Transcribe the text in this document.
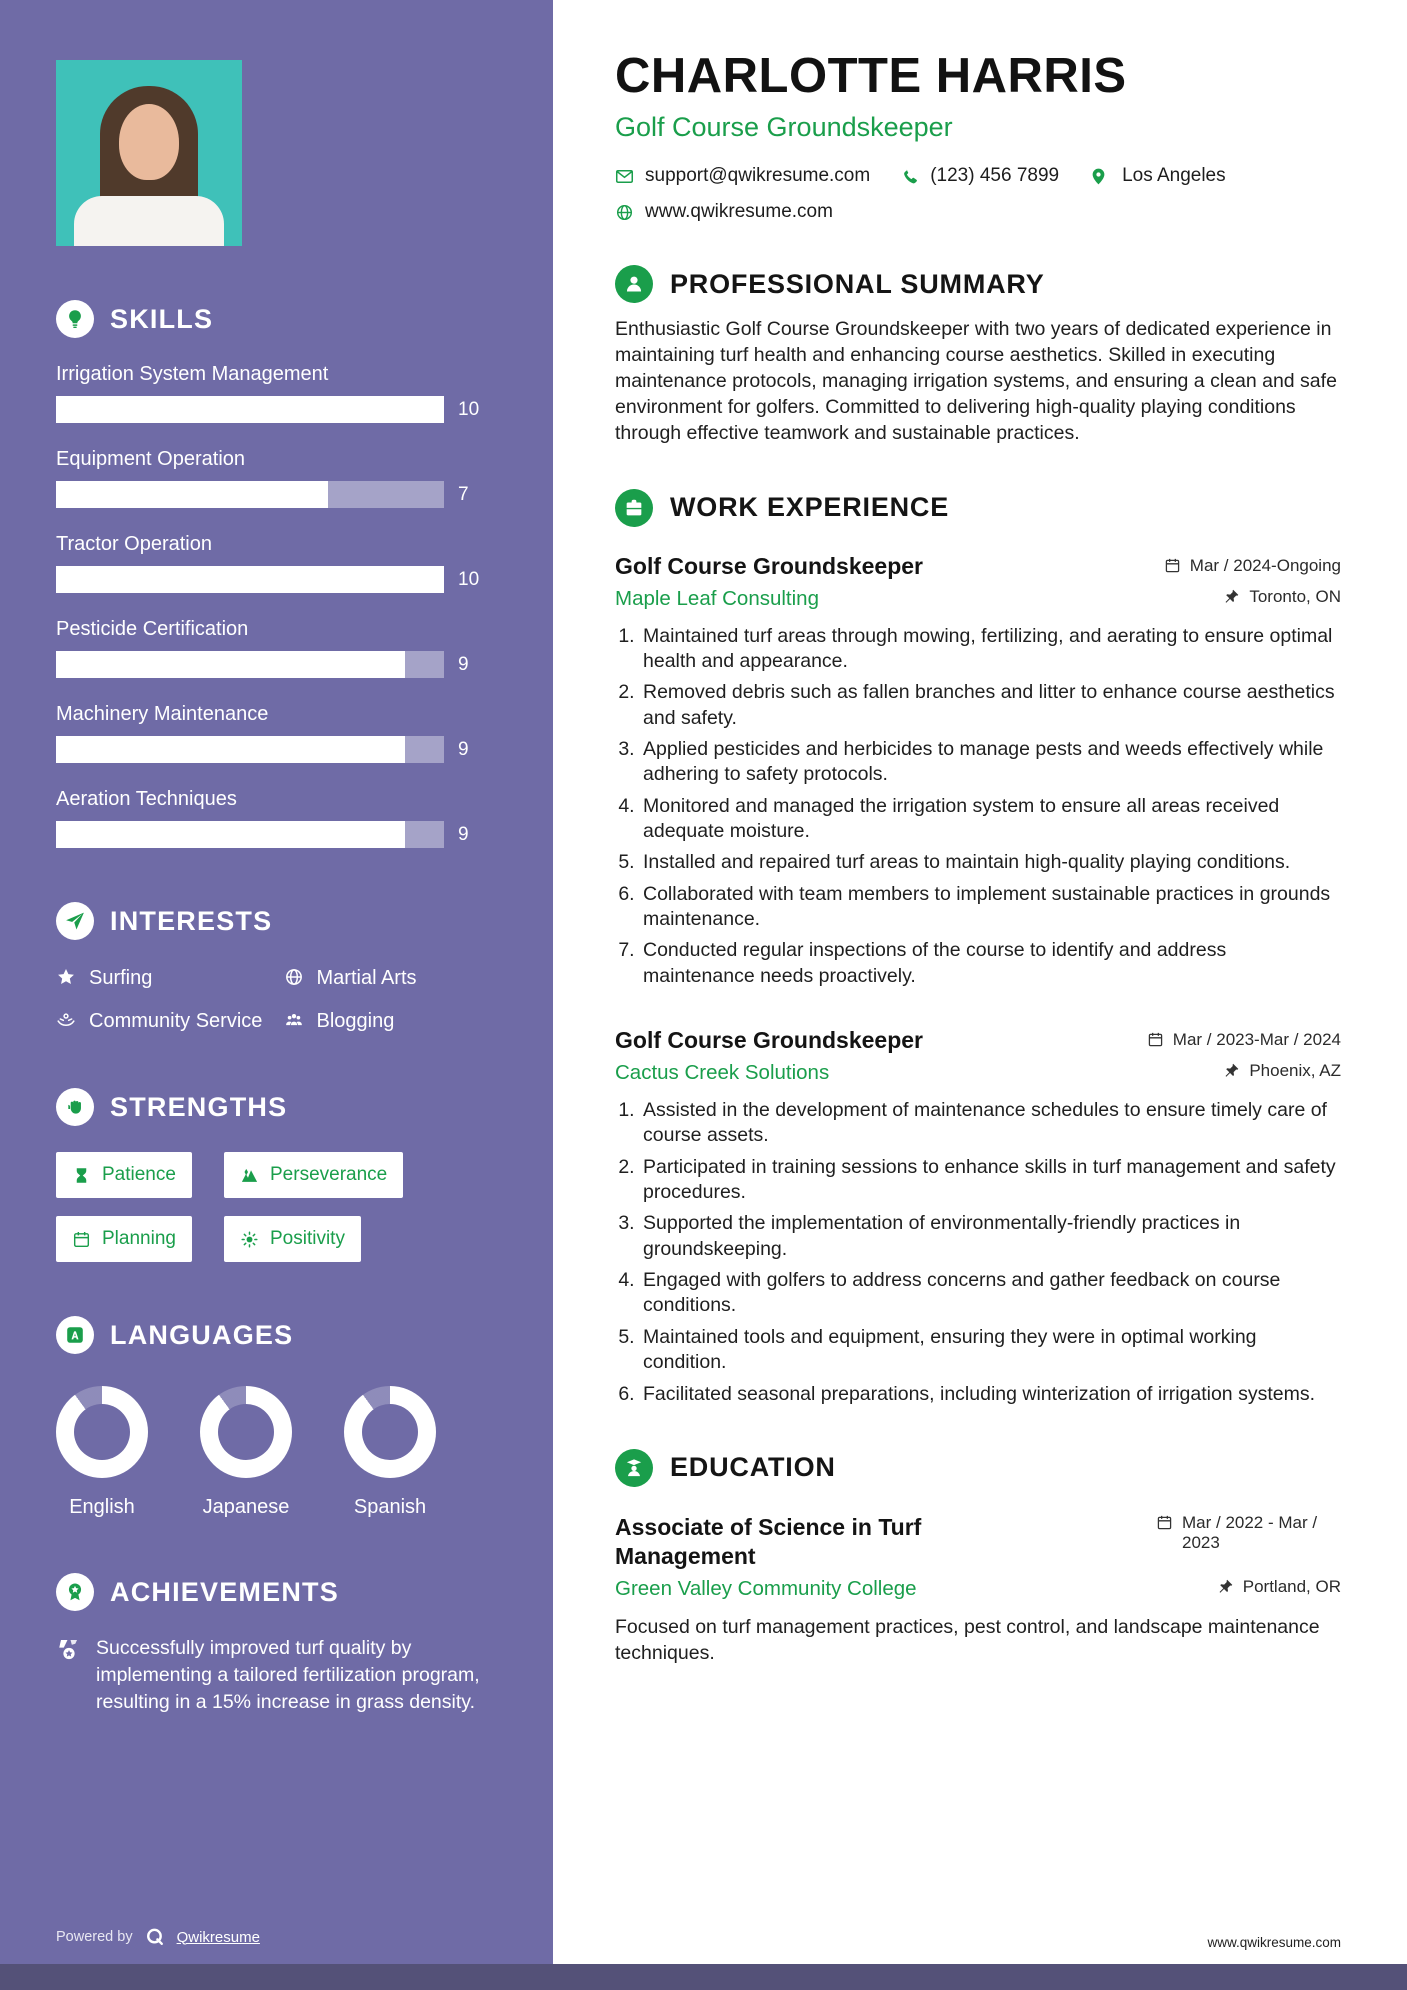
SKILLS
Irrigation System Management
10
Equipment Operation
7
Tractor Operation
10
Pesticide Certification
9
Machinery Maintenance
9
Aeration Techniques
9
INTERESTS
Surfing	Martial Arts
Community Service	Blogging
STRENGTHS
Patience	Perseverance
Planning	Positivity
LANGUAGES
English	Japanese	Spanish
ACHIEVEMENTS
Successfully improved turf quality by implementing a tailored fertilization program, resulting in a 15% increase in grass density.
Powered by	Qwikresume
CHARLOTTE HARRIS
Golf Course Groundskeeper
support@qwikresume.com	(123) 456 7899	Los Angeles
www.qwikresume.com
PROFESSIONAL SUMMARY

Enthusiastic Golf Course Groundskeeper with two years of dedicated experience in maintaining turf health and enhancing course aesthetics. Skilled in executing maintenance protocols, managing irrigation systems, and ensuring a clean and safe environment for golfers. Committed to delivering high-quality playing conditions through effective teamwork and sustainable practices.

WORK EXPERIENCE
Golf Course Groundskeeper	Mar / 2024-Ongoing
Maple Leaf Consulting	Toronto, ON
1. Maintained turf areas through mowing, fertilizing, and aerating to ensure optimal health and appearance.
2. Removed debris such as fallen branches and litter to enhance course aesthetics and safety.
3. Applied pesticides and herbicides to manage pests and weeds effectively while adhering to safety protocols.
4. Monitored and managed the irrigation system to ensure all areas received adequate moisture.
5. Installed and repaired turf areas to maintain high-quality playing conditions.
6. Collaborated with team members to implement sustainable practices in grounds maintenance.
7. Conducted regular inspections of the course to identify and address maintenance needs proactively.
Golf Course Groundskeeper	Mar / 2023-Mar / 2024
Cactus Creek Solutions	Phoenix, AZ
1. Assisted in the development of maintenance schedules to ensure timely care of course assets.
2. Participated in training sessions to enhance skills in turf management and safety procedures.
3. Supported the implementation of environmentally-friendly practices in groundskeeping.
4. Engaged with golfers to address concerns and gather feedback on course conditions.
5. Maintained tools and equipment, ensuring they were in optimal working condition.
6. Facilitated seasonal preparations, including winterization of irrigation systems.
EDUCATION
Associate of Science in Turf Management
Mar / 2022 - Mar / 2023
Green Valley Community College	Portland, OR

Focused on turf management practices, pest control, and landscape maintenance techniques.

www.qwikresume.com
